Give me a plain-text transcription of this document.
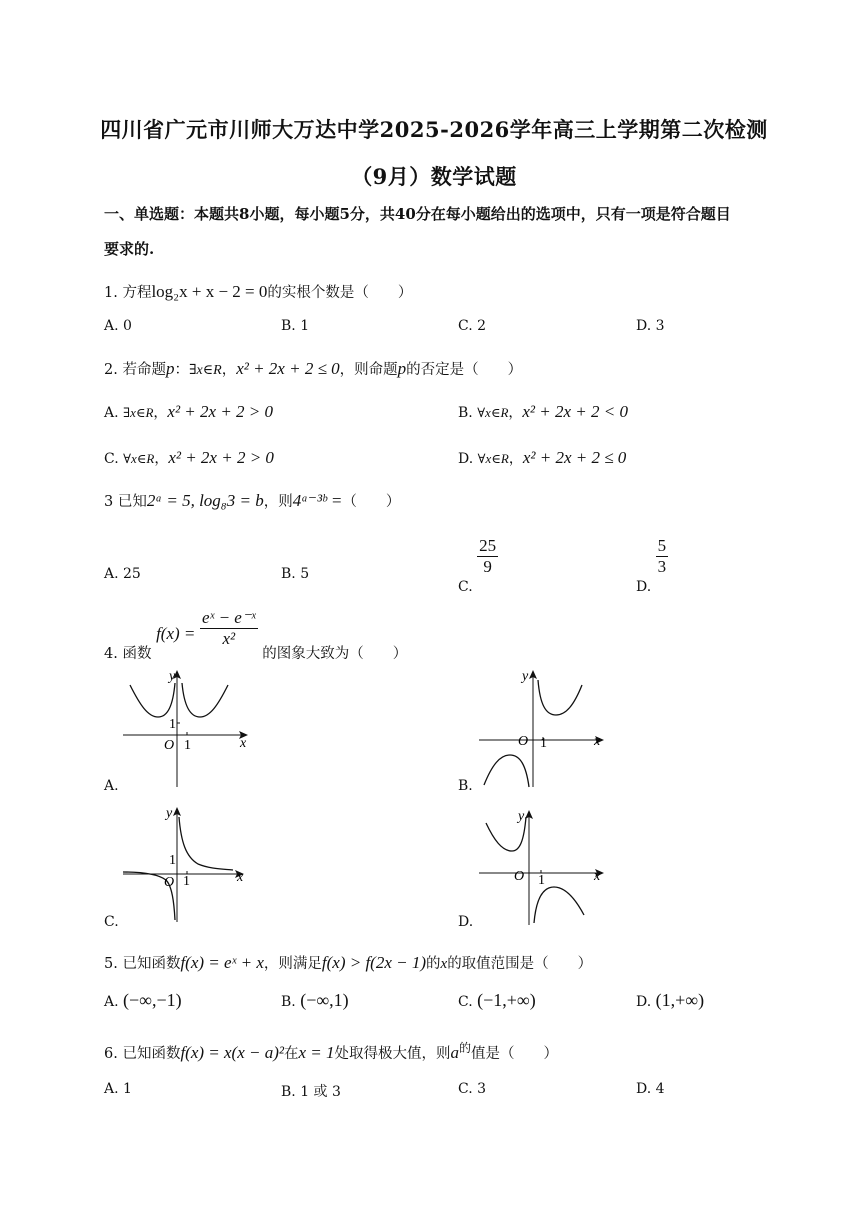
四川省广元市川师大万达中学2025-2026学年高三上学期第二次检测
（9月）数学试题
一、单选题：本题共8小题，每小题5分，共40分在每小题给出的选项中，只有一项是符合题目
要求的.
1. 方程log₂x + x − 2 = 0的实根个数是（　　）
A. 0	B. 1	C. 2	D. 3
2. 若命题p：∃x∈R，x² + 2x + 2 ≤ 0，则命题p的否定是（　　）
A. ∃x∈R，x² + 2x + 2 > 0	B. ∀x∈R，x² + 2x + 2 < 0
C. ∀x∈R，x² + 2x + 2 > 0	D. ∀x∈R，x² + 2x + 2 ≤ 0
3 已知2ᵃ = 5, log₈3 = b，则4ᵃ⁻³ᵇ =（　　）
A. 25	B. 5
C.
$\frac{25}{9}$
D.
$\frac{5}{3}$
4. 函数 $f(x) = \frac{\text{eˣ − e⁻ˣ}}{\text{x²}}$
的图象大致为（　　）
y
x
O
1
1
A.
y
x
O 1
B.
y
x
O
1
1
C.
y
x
O 1
D.
5. 已知函数f(x) = eˣ + x，则满足f(x) > f(2x − 1)的x的取值范围是（　　）
A. (−∞,−1)	B. (−∞,1)	C. (−1,+∞)	D. (1,+∞)
6. 已知函数f(x) = x(x − a)²在x = 1处取得极大值，则$a^的$值是（　　）
A. 1	B. 1 或 3	C. 3	D. 4
